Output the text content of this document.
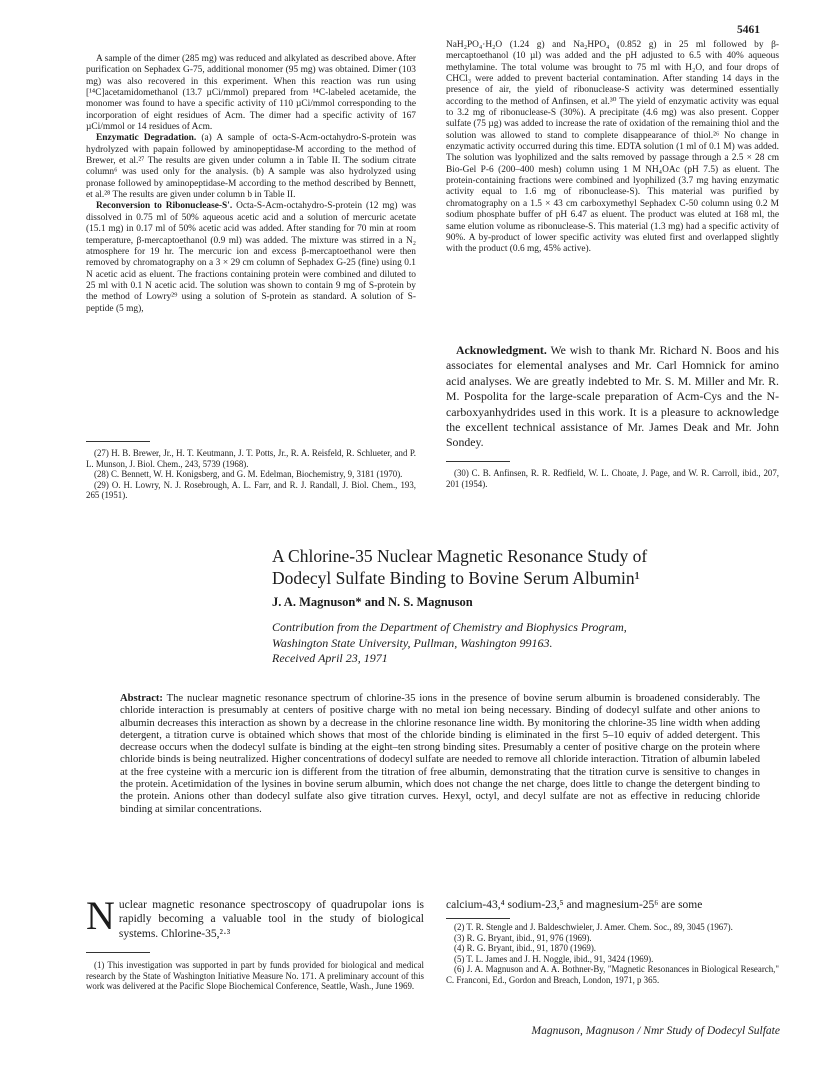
5461

A sample of the dimer (285 mg) was reduced and alkylated as described above. After purification on Sephadex G-75, additional monomer (95 mg) was obtained. Dimer (103 mg) was also recovered in this experiment. When this reaction was run using [¹⁴C]acetamidomethanol (13.7 µCi/mmol) prepared from ¹⁴C-labeled acetamide, the monomer was found to have a specific activity of 110 µCi/mmol corresponding to the incorporation of eight residues of Acm. The dimer had a specific activity of 167 µCi/mmol or 14 residues of Acm.

Enzymatic Degradation. (a) A sample of octa-S-Acm-octahydro-S-protein was hydrolyzed with papain followed by aminopeptidase-M according to the method of Brewer, et al.²⁷ The results are given under column a in Table II. The sodium citrate column⁶ was used only for the analysis. (b) A sample was also hydrolyzed using pronase followed by aminopeptidase-M according to the method described by Bennett, et al.²⁸ The results are given under column b in Table II.

Reconversion to Ribonuclease-S'. Octa-S-Acm-octahydro-S-protein (12 mg) was dissolved in 0.75 ml of 50% aqueous acetic acid and a solution of mercuric acetate (15.1 mg) in 0.17 ml of 50% acetic acid was added. After standing for 70 min at room temperature, β-mercaptoethanol (0.9 ml) was added. The mixture was stirred in a N₂ atmosphere for 19 hr. The mercuric ion and excess β-mercaptoethanol were then removed by chromatography on a 3 × 29 cm column of Sephadex G-25 (fine) using 0.1 N acetic acid as eluent. The fractions containing protein were combined and diluted to 25 ml with 0.1 N acetic acid. The solution was shown to contain 9 mg of S-protein by the method of Lowry²⁹ using a solution of S-protein as standard. A solution of S-peptide (5 mg),

(27) H. B. Brewer, Jr., H. T. Keutmann, J. T. Potts, Jr., R. A. Reisfeld, R. Schlueter, and P. L. Munson, J. Biol. Chem., 243, 5739 (1968).
(28) C. Bennett, W. H. Konigsberg, and G. M. Edelman, Biochemistry, 9, 3181 (1970).
(29) O. H. Lowry, N. J. Rosebrough, A. L. Farr, and R. J. Randall, J. Biol. Chem., 193, 265 (1951).

NaH₂PO₄·H₂O (1.24 g) and Na₂HPO₄ (0.852 g) in 25 ml followed by β-mercaptoethanol (10 µl) was added and the pH adjusted to 6.5 with 40% aqueous methylamine. The total volume was brought to 75 ml with H₂O, and four drops of CHCl₃ were added to prevent bacterial contamination. After standing 14 days in the presence of air, the yield of ribonuclease-S activity was determined essentially according to the method of Anfinsen, et al.³⁰ The yield of enzymatic activity was equal to 3.2 mg of ribonuclease-S (30%). A precipitate (4.6 mg) was also present. Copper sulfate (75 µg) was added to increase the rate of oxidation of the remaining thiol and the solution was allowed to stand to complete disappearance of thiol.²⁶ No change in enzymatic activity occurred during this time. EDTA solution (1 ml of 0.1 M) was added. The solution was lyophilized and the salts removed by passage through a 2.5 × 28 cm Bio-Gel P-6 (200–400 mesh) column using 1 M NH₄OAc (pH 7.5) as eluent. The protein-containing fractions were combined and lyophilized (3.7 mg having enzymatic activity equal to 1.6 mg of ribonuclease-S). This material was purified by chromatography on a 1.5 × 43 cm carboxymethyl Sephadex C-50 column using 0.2 M sodium phosphate buffer of pH 6.47 as eluent. The product was eluted at 168 ml, the same elution volume as ribonuclease-S. This material (1.3 mg) had a specific activity of 90%. A by-product of lower specific activity was eluted first and overlapped slightly with the product (0.6 mg, 45% active).

Acknowledgment. We wish to thank Mr. Richard N. Boos and his associates for elemental analyses and Mr. Carl Homnick for amino acid analyses. We are greatly indebted to Mr. S. M. Miller and Mr. R. M. Pospolita for the large-scale preparation of Acm-Cys and the N-carboxyanhydrides used in this work. It is a pleasure to acknowledge the excellent technical assistance of Mr. James Deak and Mr. John Sondey.

(30) C. B. Anfinsen, R. R. Redfield, W. L. Choate, J. Page, and W. R. Carroll, ibid., 207, 201 (1954).
A Chlorine-35 Nuclear Magnetic Resonance Study of
Dodecyl Sulfate Binding to Bovine Serum Albumin¹
J. A. Magnuson* and N. S. Magnuson
Contribution from the Department of Chemistry and Biophysics Program,
Washington State University, Pullman, Washington 99163.
Received April 23, 1971
Abstract: The nuclear magnetic resonance spectrum of chlorine-35 ions in the presence of bovine serum albumin is broadened considerably. The chloride interaction is presumably at centers of positive charge with no metal ion being necessary. Binding of dodecyl sulfate and other anions to albumin decreases this interaction as shown by a decrease in the chlorine resonance line width. By monitoring the chlorine-35 line width when adding detergent, a titration curve is obtained which shows that most of the chloride binding is eliminated in the first 5–10 equiv of added detergent. This decrease occurs when the dodecyl sulfate is binding at the eight–ten strong binding sites. Presumably a center of positive charge on the protein where chloride binds is being neutralized. Higher concentrations of dodecyl sulfate are needed to remove all chloride interaction. Titration of albumin labeled at the free cysteine with a mercuric ion is different from the titration of free albumin, demonstrating that the titration curve is sensitive to changes in the protein. Acetimidation of the lysines in bovine serum albumin, which does not change the net charge, does little to change the detergent binding to the protein. Anions other than dodecyl sulfate also give titration curves. Hexyl, octyl, and decyl sulfate are not as effective in reducing chloride binding at similar concentrations.
Nuclear magnetic resonance spectroscopy of quadrupolar ions is rapidly becoming a valuable tool in the study of biological systems. Chlorine-35,²·³
(1) This investigation was supported in part by funds provided for biological and medical research by the State of Washington Initiative Measure No. 171. A preliminary account of this work was delivered at the Pacific Slope Biochemical Conference, Seattle, Wash., June 1969.
calcium-43,⁴ sodium-23,⁵ and magnesium-25⁶ are some
(2) T. R. Stengle and J. Baldeschwieler, J. Amer. Chem. Soc., 89, 3045 (1967).
(3) R. G. Bryant, ibid., 91, 976 (1969).
(4) R. G. Bryant, ibid., 91, 1870 (1969).
(5) T. L. James and J. H. Noggle, ibid., 91, 3424 (1969).
(6) J. A. Magnuson and A. A. Bothner-By, "Magnetic Resonances in Biological Research," C. Franconi, Ed., Gordon and Breach, London, 1971, p 365.
Magnuson, Magnuson / Nmr Study of Dodecyl Sulfate
